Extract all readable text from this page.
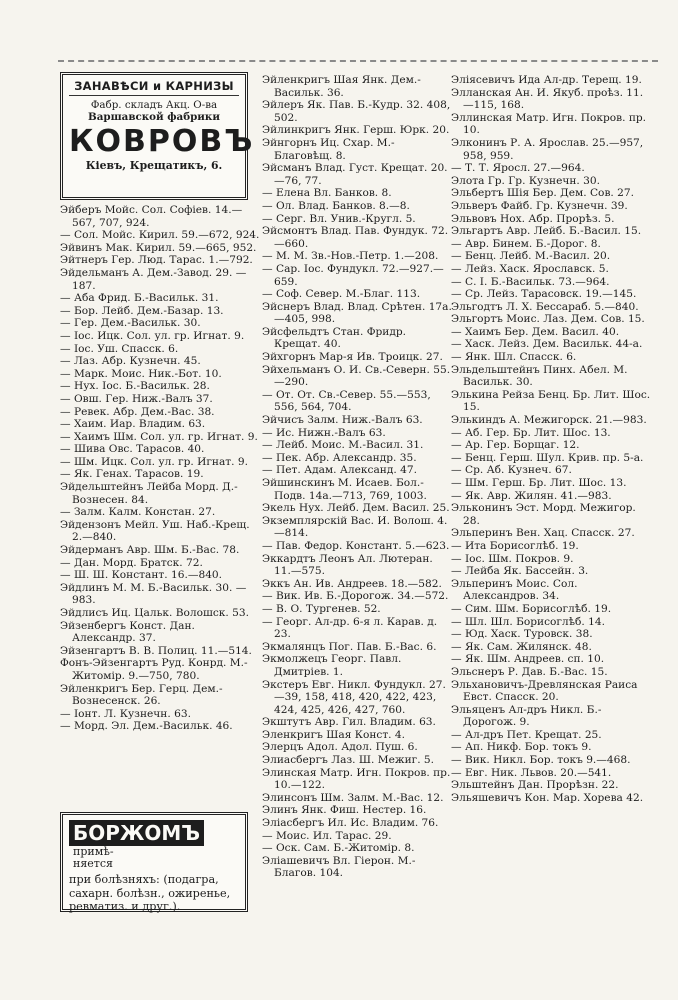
ЗАНАВѢСИ и КАРНИЗЫ
Фабр. складъ Акц. О-ва
Варшавской фабрики
КОВРОВЪ
Кіевъ, Крещатикъ, 6.

Эйберъ Мойс. Сол. Софіев. 14.—567, 707, 924.

— Сол. Мойс. Кирил. 59.—672, 924.

Эйвинъ Мак. Кирил. 59.—665, 952.

Эйтнеръ Гер. Люд. Тарас. 1.—792.

Эйдельманъ А. Дем.-Завод. 29. —187.

— Аба Фрид. Б.-Васильк. 31.

— Бор. Лейб. Дем.-Базар. 13.

— Гер. Дем.-Васильк. 30.

— Іос. Ицк. Сол. ул. гр. Игнат. 9.

— Іос. Уш. Спасск. 6.

— Лаз. Абр. Кузнечн. 45.

— Марк. Моис. Ник.-Бот. 10.

— Нух. Іос. Б.-Васильк. 28.

— Овш. Гер. Ниж.-Валъ 37.

— Ревек. Абр. Дем.-Вас. 38.

— Хаим. Иар. Владим. 63.

— Хаимъ Шм. Сол. ул. гр. Игнат. 9.

— Шива Овс. Тарасов. 40.

— Шм. Ицк. Сол. ул. гр. Игнат. 9.

— Як. Генах. Тарасов. 19.

Эйдельштейнъ Лейба Морд. Д.-Вознесен. 84.

— Залм. Калм. Констан. 27.

Эйдензонъ Мейл. Уш. Наб.-Крещ. 2.—840.

Эйдерманъ Авр. Шм. Б.-Вас. 78.

— Дан. Морд. Братск. 72.

— Ш. Ш. Констант. 16.—840.

Эйдлинъ М. М. Б.-Васильк. 30. —983.

Эйдлисъ Иц. Цальк. Волошск. 53.

Эйзенбергъ Конст. Дан. Александр. 37.

Эйзенгартъ В. В. Полиц. 11.—514.

Фонъ-Эйзенгартъ Руд. Конрд. М.-Житомір. 9.—750, 780.

Эйленкригъ Бер. Герц. Дем.-Вознесенск. 26.

— Іонт. Л. Кузнечн. 63.

— Морд. Эл. Дем.-Васильк. 46.

Эйленкригъ Шая Янк. Дем.-Васильк. 36.

Эйлеръ Як. Пав. Б.-Кудр. 32. 408, 502.

Эйлинкригъ Янк. Герш. Юрк. 20.

Эйнгорнъ Иц. Схар. М.-Благовѣщ. 8.

Эйсманъ Влад. Густ. Крещат. 20.—76, 77.

— Елена Вл. Банков. 8.

— Ол. Влад. Банков. 8.—8.

— Серг. Вл. Унив.-Кругл. 5.

Эйсмонтъ Влад. Пав. Фундук. 72.—660.

— М. М. Зв.-Нов.-Петр. 1.—208.

— Сар. Іос. Фундукл. 72.—927.—659.

— Соф. Север. М.-Благ. 113.

Эйснеръ Влад. Влад. Срѣтен. 17а.—405, 998.

Эйсфельдтъ Стан. Фридр. Крещат. 40.

Эйхгорнъ Мар-я Ив. Троицк. 27.

Эйхельманъ О. И. Св.-Северн. 55.—290.

— От. От. Св.-Север. 55.—553, 556, 564, 704.

Эйчисъ Залм. Ниж.-Валъ 63.

— Ис. Нижн.-Валъ 63.

— Лейб. Моис. М.-Васил. 31.

— Пек. Абр. Александр. 35.

— Пет. Адам. Александ. 47.

Эйшинскинъ М. Исаев. Бол.-Подв. 14а.—713, 769, 1003.

Экель Нух. Лейб. Дем. Васил. 25.

Экземплярскій Вас. И. Волош. 4.—814.

— Пав. Федор. Констант. 5.—623.

Эккардтъ Леонъ Ал. Лютеран. 11.—575.

Эккъ Ан. Ив. Андреев. 18.—582.

— Вик. Ив. Б.-Дорогож. 34.—572.

— В. О. Тургенев. 52.

— Георг. Ал-др. 6-я л. Карав. д. 23.

Экмалянцъ Пог. Пав. Б.-Вас. 6.

Экмолжецъ Георг. Павл. Дмитріев. 1.

Экстеръ Евг. Никл. Фундукл. 27.—39, 158, 418, 420, 422, 423, 424, 425, 426, 427, 760.

Экштутъ Авр. Гил. Владим. 63.

Эленкригъ Шая Конст. 4.

Элерцъ Адол. Адол. Пуш. 6.

Элиасбергъ Лаз. Ш. Межиг. 5.

Элинская Матр. Игн. Покров. пр. 10.—122.

Элинсонъ Шм. Залм. М.-Вас. 12.

Элинъ Янк. Фиш. Нестер. 16.

Эліасбергъ Ил. Ис. Владим. 76.

— Моис. Ил. Тарас. 29.

— Оск. Сам. Б.-Житомір. 8.

Эліашевичъ Вл. Гіерон. М.-Благов. 104.

Эліясевичъ Ида Ал-др. Терещ. 19.

Элланская Ан. И. Якуб. проѣз. 11.—115, 168.

Эллинская Матр. Игн. Покров. пр. 10.

Элконинъ Р. А. Ярослав. 25.—957, 958, 959.

— Т. Т. Яросл. 27.—964.

Элота Гр. Гр. Кузнечн. 30.

Эльбертъ Шія Бер. Дем. Сов. 27.

Эльверъ Файб. Гр. Кузнечн. 39.

Эльвовъ Нох. Абр. Прорѣз. 5.

Эльгартъ Авр. Лейб. Б.-Васил. 15.

— Авр. Бинем. Б.-Дорог. 8.

— Бенц. Лейб. М.-Васил. 20.

— Лейз. Хаск. Ярославск. 5.

— С. І. Б.-Васильк. 73.—964.

— Ср. Лейз. Тарасовск. 19.—145.

Эльгодтъ Л. Х. Бессараб. 5.—840.

Эльгортъ Моис. Лаз. Дем. Сов. 15.

— Хаимъ Бер. Дем. Васил. 40.

— Хаск. Лейз. Дем. Васильк. 44-а.

— Янк. Шл. Спасск. 6.

Эльдельштейнъ Пинх. Абел. М. Васильк. 30.

Элькина Рейза Бенц. Бр. Лит. Шос. 15.

Элькиндъ А. Межигорск. 21.—983.

— Аб. Гер. Бр. Лит. Шос. 13.

— Ар. Гер. Борщаг. 12.

— Бенц. Герш. Шул. Крив. пр. 5-а.

— Ср. Аб. Кузнеч. 67.

— Шм. Герш. Бр. Лит. Шос. 13.

— Як. Авр. Жилян. 41.—983.

Эльконинъ Эст. Морд. Межигор. 28.

Эльперинъ Вен. Хац. Спасск. 27.

— Ита Борисоглѣб. 19.

— Іос. Шм. Покров. 9.

— Лейба Як. Бассейн. 3.

Эльперинъ Моис. Сол. Александров. 34.

— Сим. Шм. Борисоглѣб. 19.

— Шл. Шл. Борисоглѣб. 14.

— Юд. Хаск. Туровск. 38.

— Як. Сам. Жилянск. 48.

— Як. Шм. Андреев. сп. 10.

Эльснеръ Р. Дав. Б.-Вас. 15.

Эльхановичъ-Древлянская Раиса Евст. Спасск. 20.

Эльяценъ Ал-дръ Никл. Б.-Дорогож. 9.

— Ал-дръ Пет. Крещат. 25.

— Ап. Никф. Бор. токъ 9.

— Вик. Никл. Бор. токъ 9.—468.

— Евг. Ник. Львов. 20.—541.

Эльштейнъ Дан. Прорѣзн. 22.

Эльяшевичъ Кон. Мар. Хорева 42.

БОРЖОМЪ примѣ-
няется
при болѣзняхъ: (подагра, сахарн. болѣзн., ожиренье, ревматиз. и друг.).
